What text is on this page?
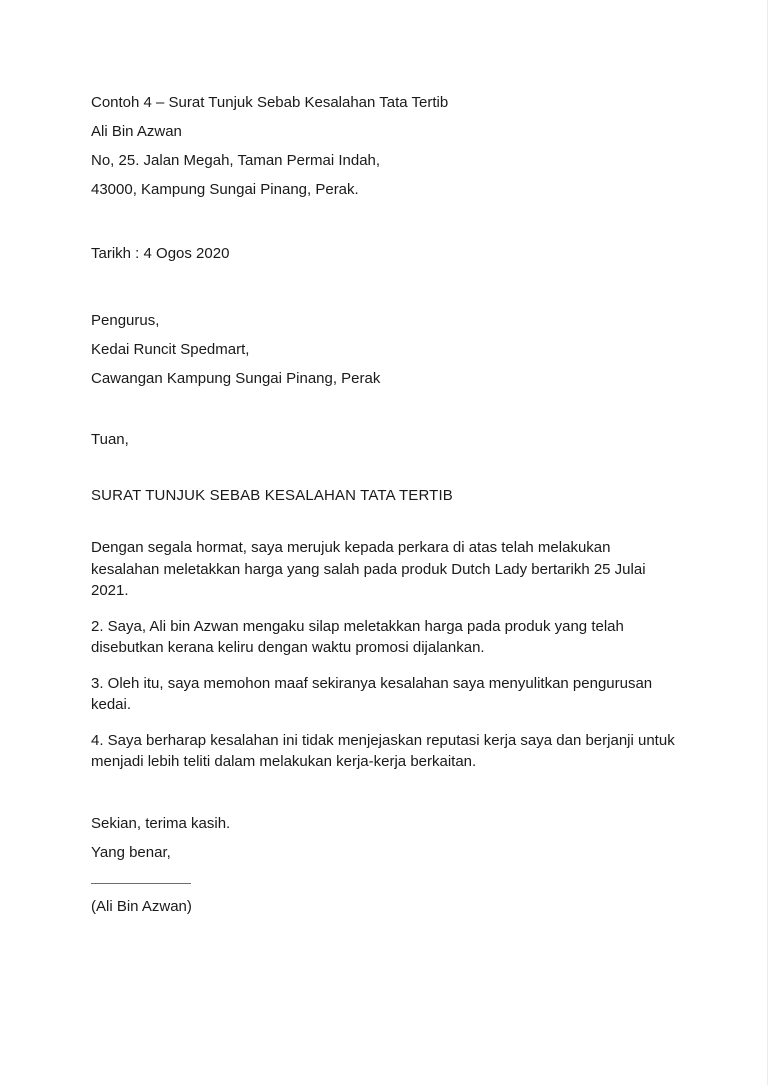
Contoh 4 – Surat Tunjuk Sebab Kesalahan Tata Tertib
Ali Bin Azwan
No, 25. Jalan Megah, Taman Permai Indah,
43000, Kampung Sungai Pinang, Perak.
Tarikh : 4 Ogos 2020
Pengurus,
Kedai Runcit Spedmart,
Cawangan Kampung Sungai Pinang, Perak
Tuan,
SURAT TUNJUK SEBAB KESALAHAN TATA TERTIB

Dengan segala hormat, saya merujuk kepada perkara di atas telah melakukan kesalahan meletakkan harga yang salah pada produk Dutch Lady bertarikh 25 Julai 2021.

2. Saya, Ali bin Azwan mengaku silap meletakkan harga pada produk yang telah disebutkan kerana keliru dengan waktu promosi dijalankan.

3. Oleh itu, saya memohon maaf sekiranya kesalahan saya menyulitkan pengurusan kedai.

4. Saya berharap kesalahan ini tidak menjejaskan reputasi kerja saya dan berjanji untuk menjadi lebih teliti dalam melakukan kerja-kerja berkaitan.

Sekian, terima kasih.
Yang benar,
(Ali Bin Azwan)
